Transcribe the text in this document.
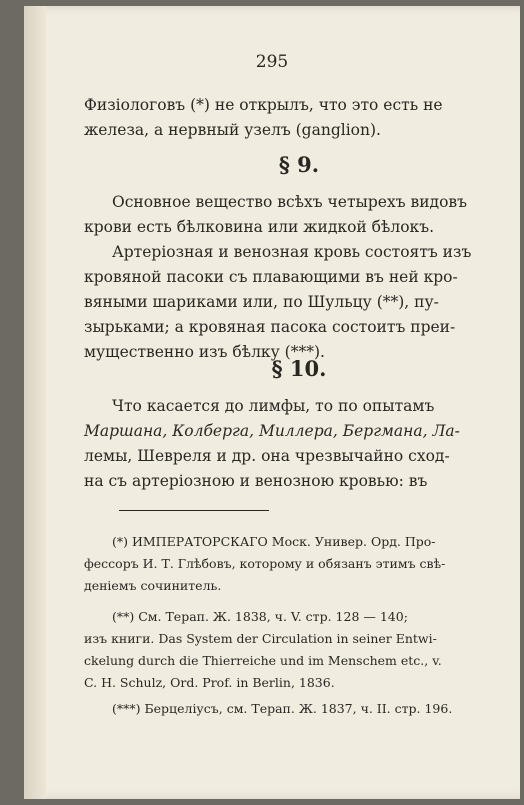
295

Физіологовъ (*) не открылъ, что это есть не

железа, а нервный узелъ (ganglion).

§ 9.

Основное вещество всѣхъ четырехъ видовъ

крови есть бѣлковина или жидкой бѣлокъ.

Артеріозная и венозная кровь состоятъ изъ

кровяной пасоки съ плавающими въ ней кро-

вяными шариками или, по Шульцу (**), пу-

зырьками; а кровяная пасока состоитъ преи-

мущественно изъ бѣлку (***).

§ 10.

Что касается до лимфы, то по опытамъ

Маршана, Колберга, Миллера, Бергмана, Ла-

лемы, Шевреля и др. она чрезвычайно сход-

на съ артеріозною и венозною кровью: въ

(*) ИМПЕРАТОРСКАГО Моск. Универ. Орд. Про-

фессоръ И. Т. Глѣбовъ, которому и обязанъ этимъ свѣ-

деніемъ сочинитель.

(**) См. Терап. Ж. 1838, ч. V. стр. 128 — 140;

изъ книги. Das System der Circulation in seiner Entwi-

ckelung durch die Thierreiche und im Menschem etc., v.

C. H. Schulz, Ord. Prof. in Berlin, 1836.

(***) Берцеліусъ, см. Терап. Ж. 1837, ч. II. стр. 196.
